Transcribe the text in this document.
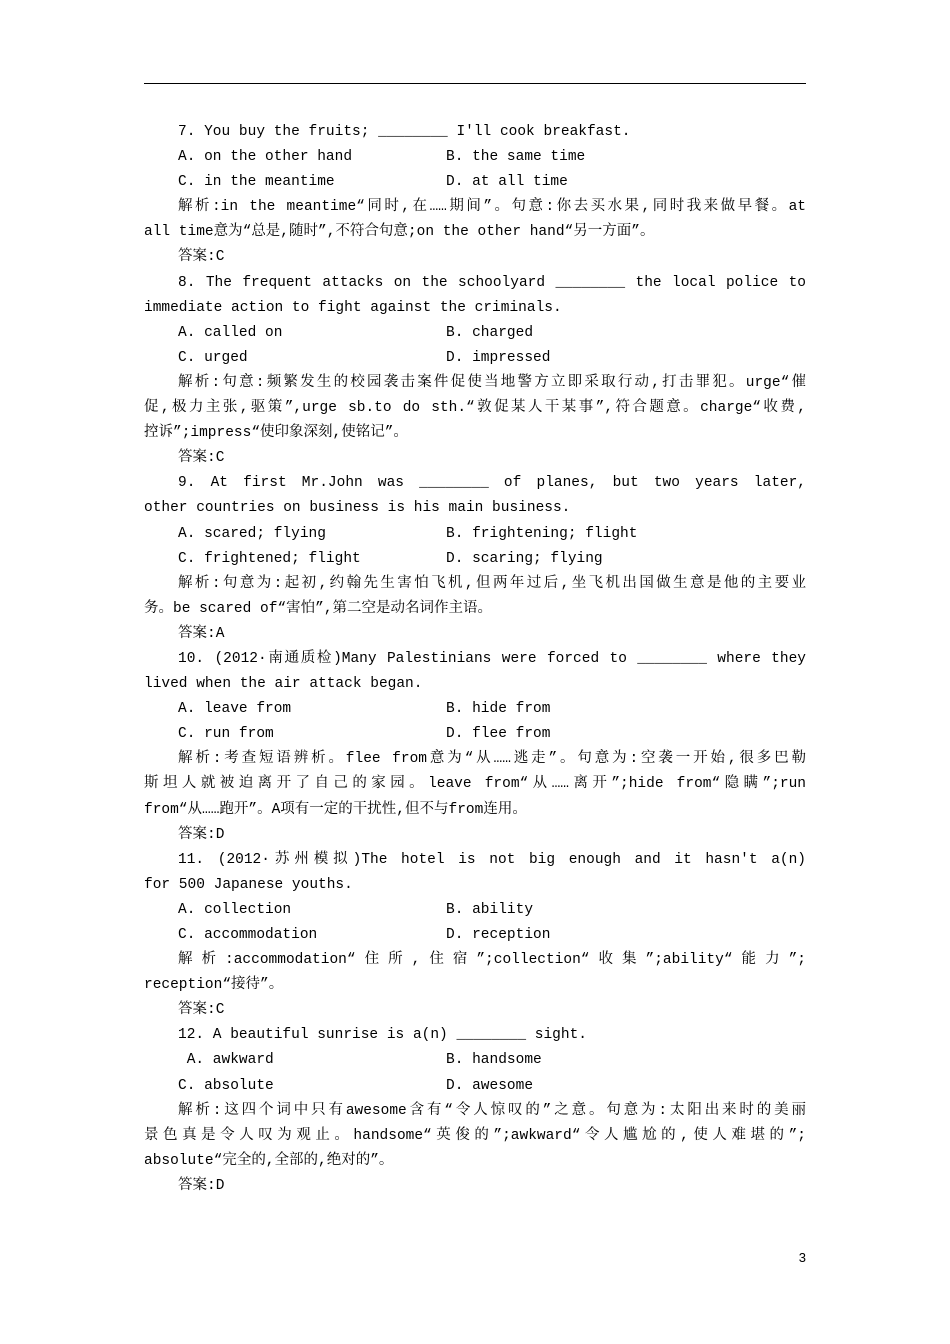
7. You buy the fruits; ________ I'll cook breakfast.
A. on the other hand	B. the same time
C. in the meantime	D. at all time
解析:in the meantime“同时,在……期间”。句意:你去买水果,同时我来做早餐。at
all time意为“总是,随时”,不符合句意;on the other hand“另一方面”。
答案:C
8. The frequent attacks on the schoolyard ________ the local police to
immediate action to fight against the criminals.
A. called on	B. charged
C. urged	D. impressed
解析:句意:频繁发生的校园袭击案件促使当地警方立即采取行动,打击罪犯。urge“催
促,极力主张,驱策”,urge sb.to do sth.“敦促某人干某事”,符合题意。charge“收费,
控诉”;impress“使印象深刻,使铭记”。
答案:C
9. At first Mr.John was ________ of planes, but two years later,
other countries on business is his main business.
A. scared; flying	B. frightening; flight
C. frightened; flight	D. scaring; flying
解析:句意为:起初,约翰先生害怕飞机,但两年过后,坐飞机出国做生意是他的主要业
务。be scared of“害怕”,第二空是动名词作主语。
答案:A
10. (2012·南通质检)Many Palestinians were forced to ________ where they
lived when the air attack began.
A. leave from	B. hide from
C. run from	D. flee from
解析:考查短语辨析。flee from意为“从……逃走”。句意为:空袭一开始,很多巴勒
斯坦人就被迫离开了自己的家园。leave from“从……离开”;hide from“隐瞒”;run
from“从……跑开”。A项有一定的干扰性,但不与from连用。
答案:D
11. (2012·苏州模拟)The hotel is not big enough and it hasn't a(n)
for 500 Japanese youths.
A. collection	B. ability
C. accommodation	D. reception
解析:accommodation“住所,住宿”;collection“收集”;ability“能力”;
reception“接待”。
答案:C
12. A beautiful sunrise is a(n) ________ sight.
A. awkward	B. handsome
C. absolute	D. awesome
解析:这四个词中只有awesome含有“令人惊叹的”之意。句意为:太阳出来时的美丽
景色真是令人叹为观止。handsome“英俊的”;awkward“令人尴尬的,使人难堪的”;
absolute“完全的,全部的,绝对的”。
答案:D
3
